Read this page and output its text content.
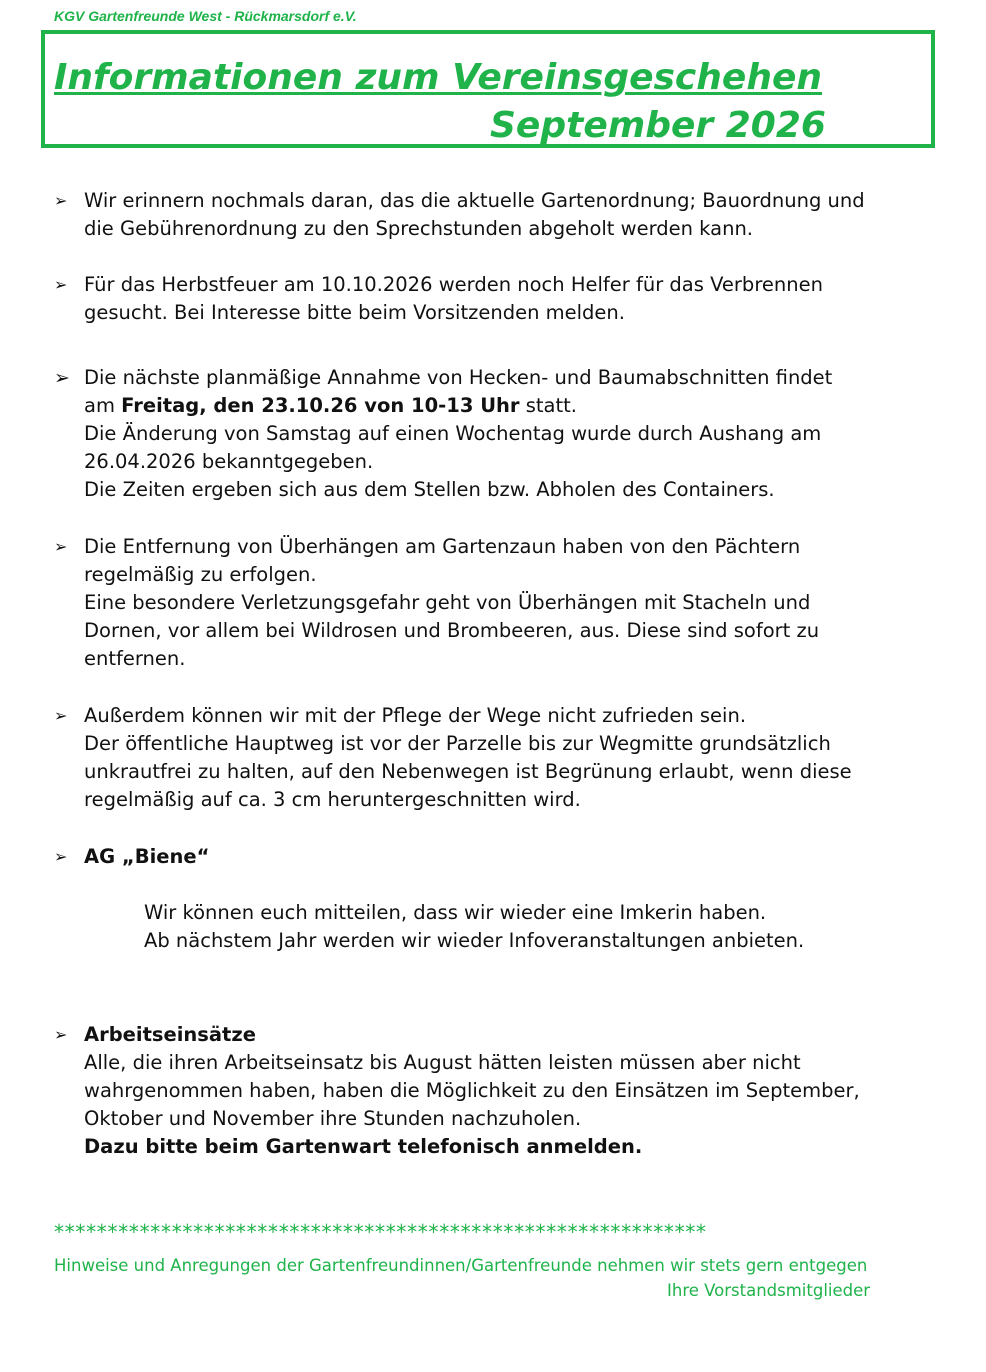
KGV Gartenfreunde West - Rückmarsdorf e.V.
Informationen zum Vereinsgeschehen
September 2026
➢ Wir erinnern nochmals daran, das die aktuelle Gartenordnung; Bauordnung und
die Gebührenordnung zu den Sprechstunden abgeholt werden kann.
➢ Für das Herbstfeuer am 10.10.2026 werden noch Helfer für das Verbrennen
gesucht. Bei Interesse bitte beim Vorsitzenden melden.
➢ Die nächste planmäßige Annahme von Hecken- und Baumabschnitten findet
am Freitag, den 23.10.26 von 10-13 Uhr statt.
Die Änderung von Samstag auf einen Wochentag wurde durch Aushang am
26.04.2026 bekanntgegeben.
Die Zeiten ergeben sich aus dem Stellen bzw. Abholen des Containers.
➢ Die Entfernung von Überhängen am Gartenzaun haben von den Pächtern
regelmäßig zu erfolgen.
Eine besondere Verletzungsgefahr geht von Überhängen mit Stacheln und
Dornen, vor allem bei Wildrosen und Brombeeren, aus. Diese sind sofort zu
entfernen.
➢ Außerdem können wir mit der Pflege der Wege nicht zufrieden sein.
Der öffentliche Hauptweg ist vor der Parzelle bis zur Wegmitte grundsätzlich
unkrautfrei zu halten, auf den Nebenwegen ist Begrünung erlaubt, wenn diese
regelmäßig auf ca. 3 cm heruntergeschnitten wird.
➢ AG „Biene“
Wir können euch mitteilen, dass wir wieder eine Imkerin haben.
Ab nächstem Jahr werden wir wieder Infoveranstaltungen anbieten.
➢ Arbeitseinsätze
Alle, die ihren Arbeitseinsatz bis August hätten leisten müssen aber nicht
wahrgenommen haben, haben die Möglichkeit zu den Einsätzen im September,
Oktober und November ihre Stunden nachzuholen.
Dazu bitte beim Gartenwart telefonisch anmelden.
*************************************************************
Hinweise und Anregungen der Gartenfreundinnen/Gartenfreunde nehmen wir stets gern entgegen
Ihre Vorstandsmitglieder
